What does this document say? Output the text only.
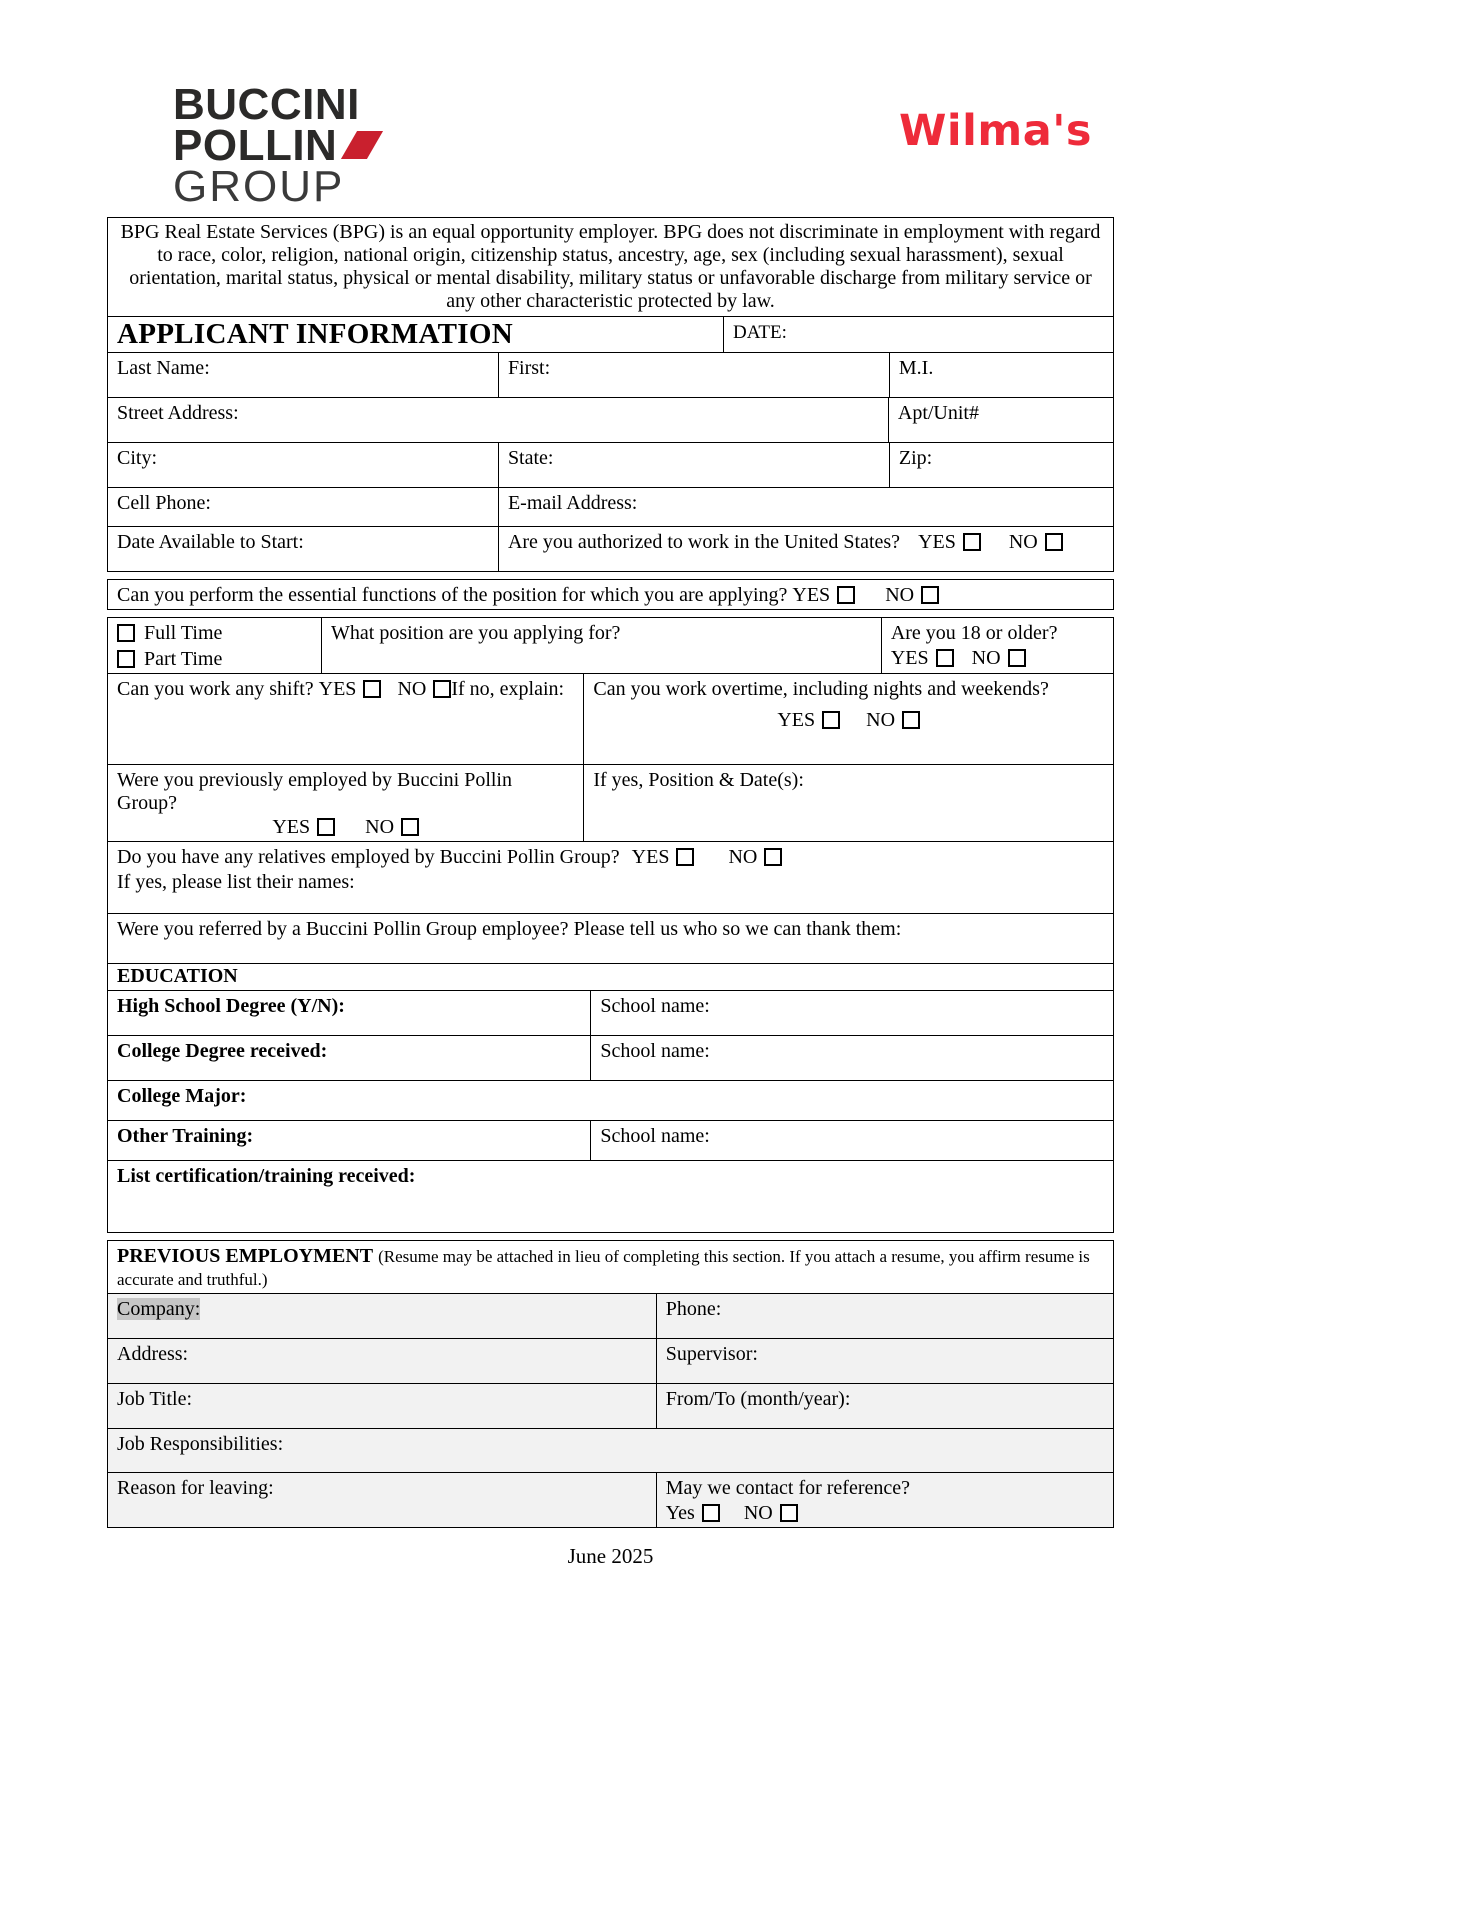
BUCCINI
POLLIN
GROUP
Wilma's
BPG Real Estate Services (BPG) is an equal opportunity employer. BPG does not discriminate in employment with regard to race, color, religion, national origin, citizenship status, ancestry, age, sex (including sexual harassment), sexual orientation, marital status, physical or mental disability, military status or unfavorable discharge from military service or any other characteristic protected by law.
APPLICANT INFORMATION	DATE:
Last Name:	First:	M.I.
Street Address:	Apt/Unit#
City:	State:	Zip:
Cell Phone:	E-mail Address:
Date Available to Start:	Are you authorized to work in the United States? YES	NO
Can you perform the essential functions of the position for which you are applying? YES	NO
Full Time
Part Time
What position are you applying for?	Are you 18 or older?
YES NO
Can you work any shift? YES NO If no, explain:	Can you work overtime, including nights and weekends?
YES	NO
Were you previously employed by Buccini Pollin Group?
YES	NO
If yes, Position & Date(s):
Do you have any relatives employed by Buccini Pollin Group? YES	NO
If yes, please list their names:
Were you referred by a Buccini Pollin Group employee? Please tell us who so we can thank them:
EDUCATION
High School Degree (Y/N):	School name:
College Degree received:	School name:
College Major:
Other Training:	School name:
List certification/training received:
PREVIOUS EMPLOYMENT (Resume may be attached in lieu of completing this section. If you attach a resume, you affirm resume is accurate and truthful.)
Company:	Phone:
Address:	Supervisor:
Job Title:	From/To (month/year):
Job Responsibilities:
Reason for leaving:	May we contact for reference?
Yes NO
June 2025
